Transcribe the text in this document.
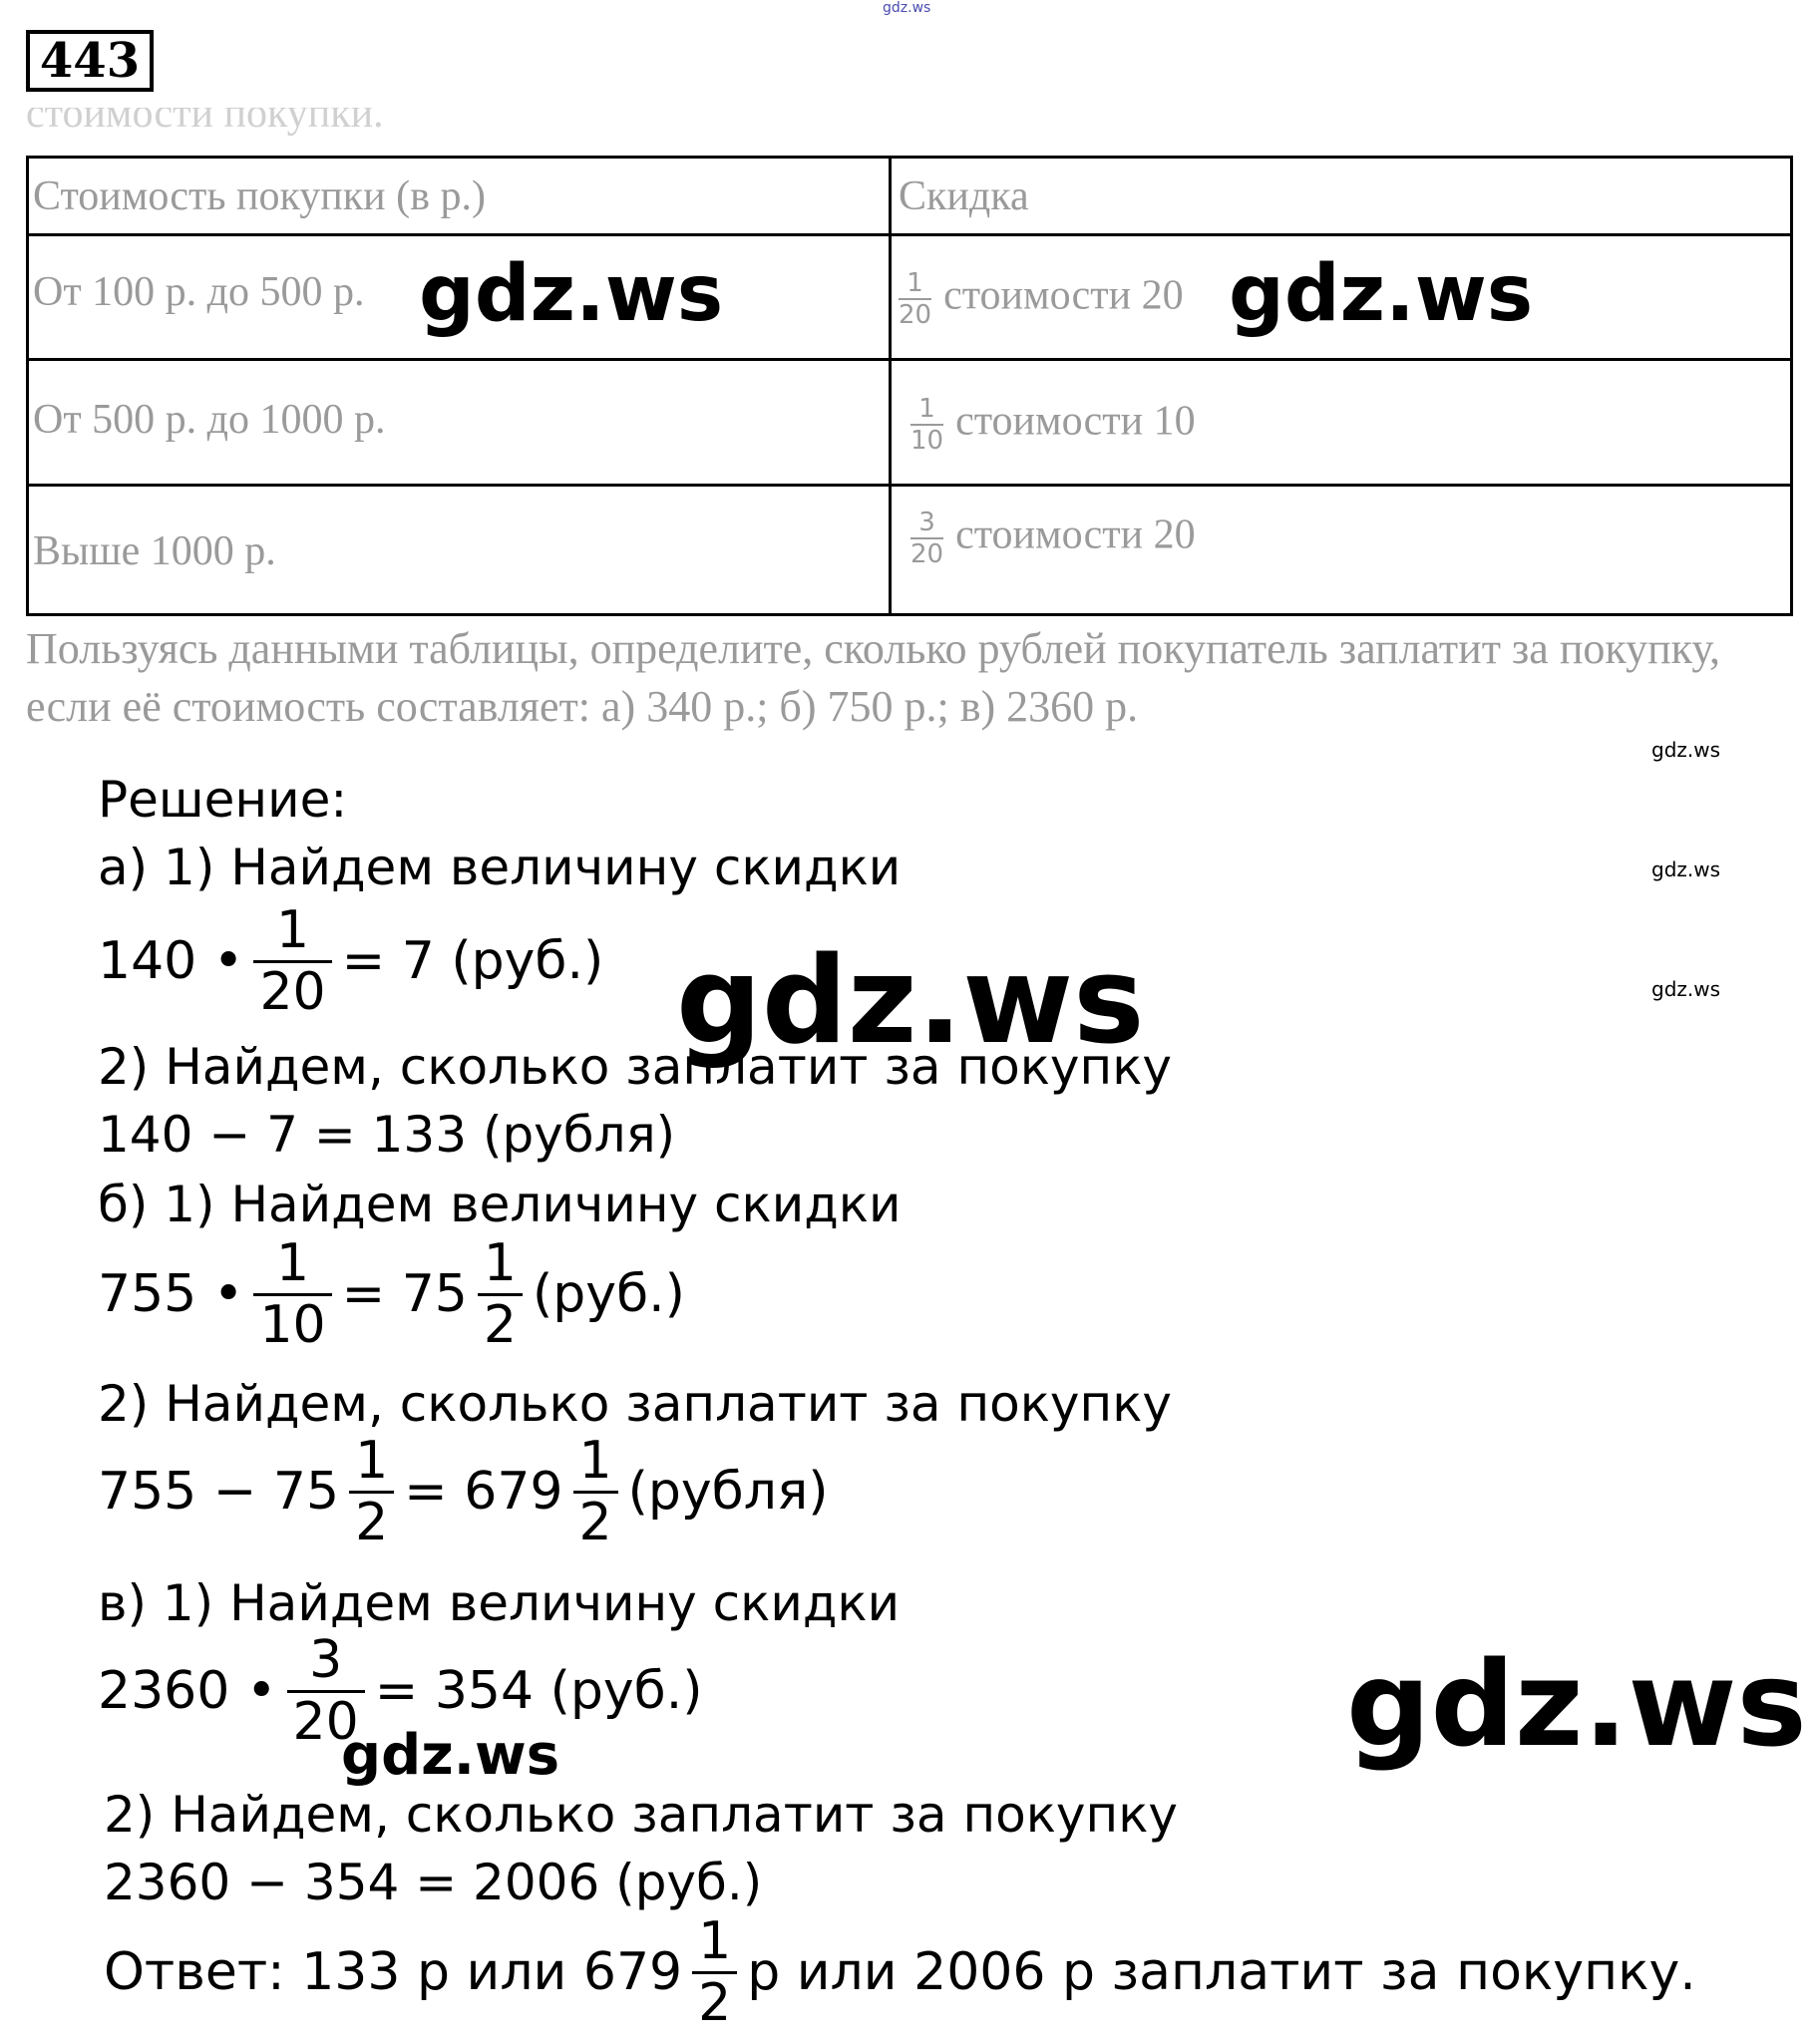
gdz.ws
443
стоимости покупки.
Стоимость покупки (в р.)	Скидка
От 100 р. до 500 р.	$\frac{1}{20}$ стоимости 20
От 500 р. до 1000 р.	$\frac{1}{10}$ стоимости 10
Выше 1000 р.	$\frac{3}{20}$ стоимости 20
Пользуясь данными таблицы, определите, сколько рублей покупатель заплатит за покупку, если её стоимость составляет: а) 340 р.; б) 750 р.; в) 2360 р.
Решение:
а) 1) Найдем величину скидки
140 • $\frac{1}{20} = 7$ (руб.)
2) Найдем, сколько заплатит за покупку
140 − 7 = 133 (рубля)
б) 1) Найдем величину скидки
755 • $\frac{1}{10} = 75 \frac{1}{2} (руб.)$
2) Найдем, сколько заплатит за покупку
$755 - 75 \frac{1}{2} = 679 \frac{1}{2}$ (рубля)
в) 1) Найдем величину скидки
2360 • $\frac{3}{20} = 354$ (руб.)
2) Найдем, сколько заплатит за покупку
2360 − 354 = 2006 (руб.)
Ответ: 133 р или $679 \frac{1}{2}$ р или 2006 р заплатит за покупку.
gdz.ws	gdz.ws
gdz.ws
gdz.ws
gdz.ws
gdz.ws
gdz.ws
gdz.ws
